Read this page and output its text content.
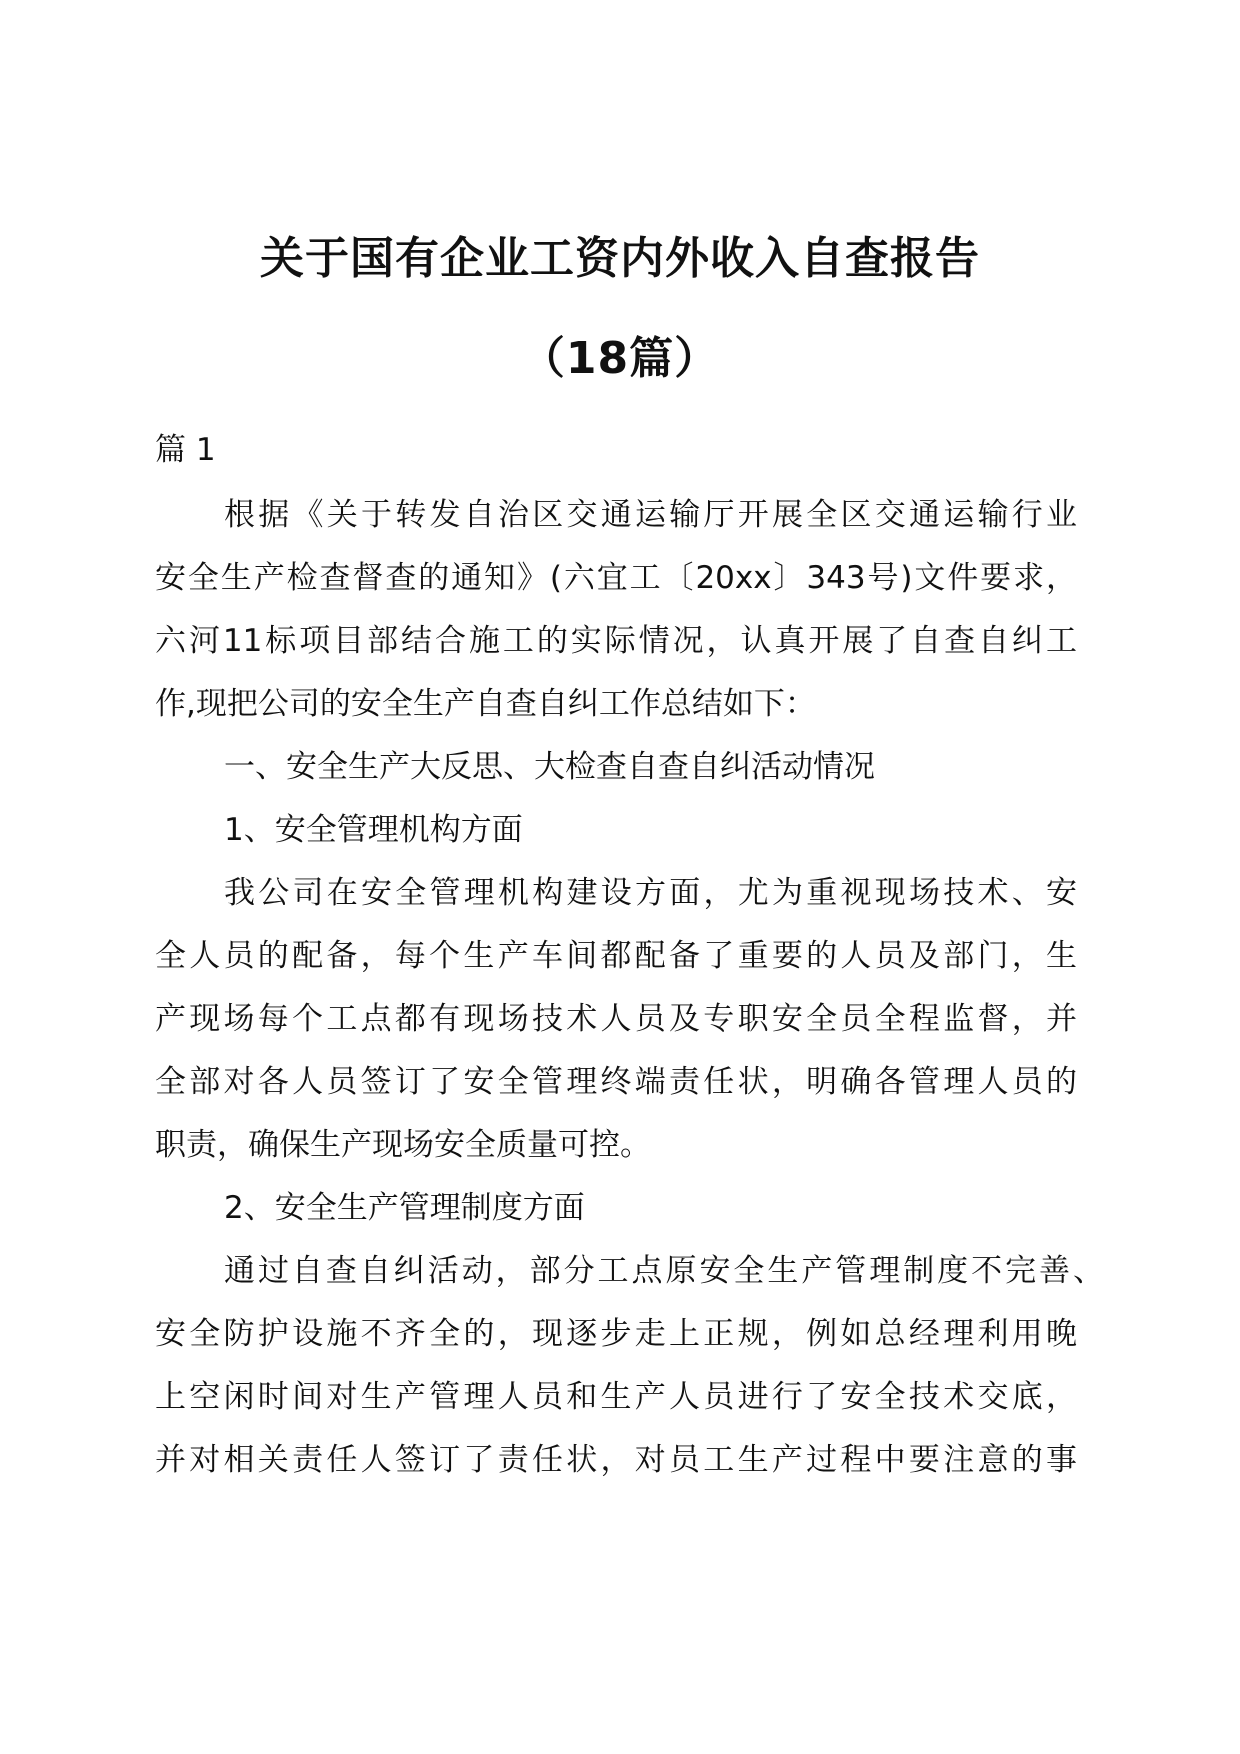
关于国有企业工资内外收入自查报告
（18篇）
篇 1
根据《关于转发自治区交通运输厅开展全区交通运输行业
安全生产检查督查的通知》(六宜工〔20xx〕343号)文件要求，
六河11标项目部结合施工的实际情况，认真开展了自查自纠工
作,现把公司的安全生产自查自纠工作总结如下：
一、安全生产大反思、大检查自查自纠活动情况
1、安全管理机构方面
我公司在安全管理机构建设方面，尤为重视现场技术、安
全人员的配备，每个生产车间都配备了重要的人员及部门，生
产现场每个工点都有现场技术人员及专职安全员全程监督，并
全部对各人员签订了安全管理终端责任状，明确各管理人员的
职责，确保生产现场安全质量可控。
2、安全生产管理制度方面
通过自查自纠活动，部分工点原安全生产管理制度不完善、
安全防护设施不齐全的，现逐步走上正规，例如总经理利用晚
上空闲时间对生产管理人员和生产人员进行了安全技术交底，
并对相关责任人签订了责任状，对员工生产过程中要注意的事
